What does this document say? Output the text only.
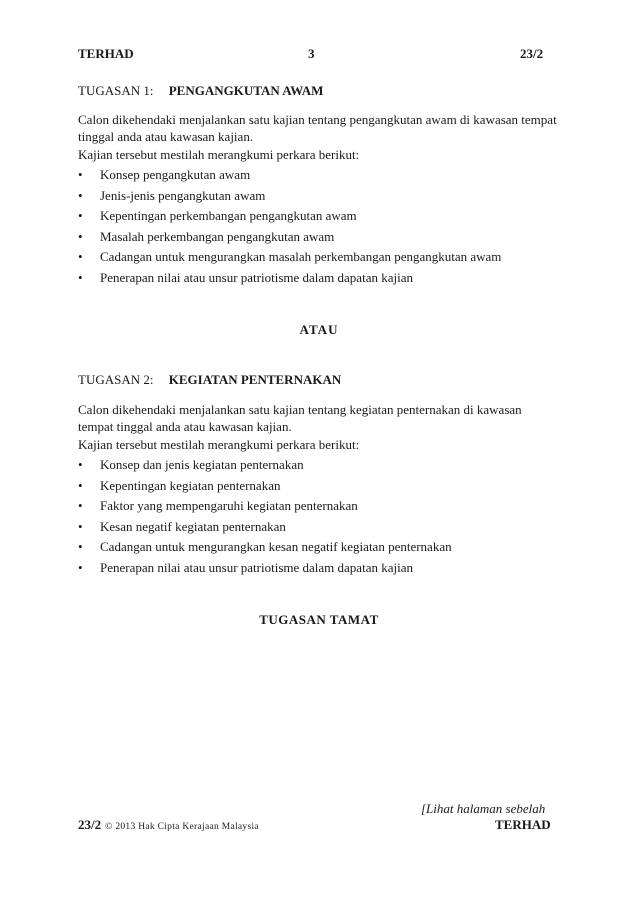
TERHAD	3	23/2
TUGASAN 1: PENGANGKUTAN AWAM
Calon dikehendaki menjalankan satu kajian tentang pengangkutan awam di kawasan tempat tinggal anda atau kawasan kajian.
Kajian tersebut mestilah merangkumi perkara berikut:
• Konsep pengangkutan awam
• Jenis-jenis pengangkutan awam
• Kepentingan perkembangan pengangkutan awam
• Masalah perkembangan pengangkutan awam
• Cadangan untuk mengurangkan masalah perkembangan pengangkutan awam
• Penerapan nilai atau unsur patriotisme dalam dapatan kajian
ATAU
TUGASAN 2: KEGIATAN PENTERNAKAN
Calon dikehendaki menjalankan satu kajian tentang kegiatan penternakan di kawasan tempat tinggal anda atau kawasan kajian.
Kajian tersebut mestilah merangkumi perkara berikut:
• Konsep dan jenis kegiatan penternakan
• Kepentingan kegiatan penternakan
• Faktor yang mempengaruhi kegiatan penternakan
• Kesan negatif kegiatan penternakan
• Cadangan untuk mengurangkan kesan negatif kegiatan penternakan
• Penerapan nilai atau unsur patriotisme dalam dapatan kajian
TUGASAN TAMAT
[Lihat halaman sebelah
23/2 © 2013 Hak Cipta Kerajaan Malaysia	TERHAD
